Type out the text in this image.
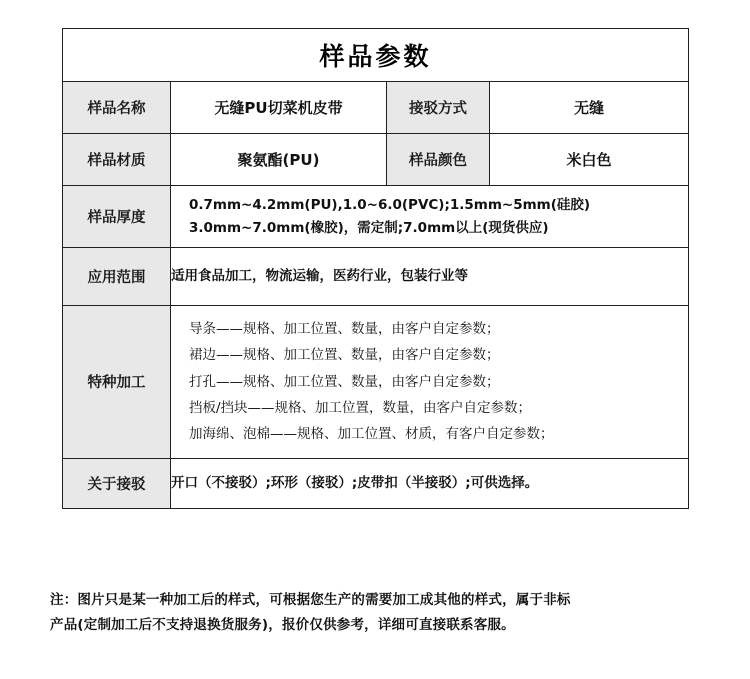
样品参数			
样品名称	无缝PU切菜机皮带	接驳方式	无缝
样品材质	聚氨酯(PU)	样品颜色	米白色
样品厚度	0.7mm~4.2mm(PU),1.0~6.0(PVC);1.5mm~5mm(硅胶)
3.0mm~7.0mm(橡胶)，需定制;7.0mm以上(现货供应)		

应用范围	适用食品加工，物流运输，医药行业，包装行业等		
特种加工	导条——规格、加工位置、数量，由客户自定参数；
裙边——规格、加工位置、数量，由客户自定参数；
打孔——规格、加工位置、数量，由客户自定参数；
挡板/挡块——规格、加工位置，数量，由客户自定参数；
加海绵、泡棉——规格、加工位置、材质，有客户自定参数；		

关于接驳	开口（不接驳）;环形（接驳）;皮带扣（半接驳）;可供选择。		
注：图片只是某一种加工后的样式，可根据您生产的需要加工成其他的样式，属于非标
产品(定制加工后不支持退换货服务)，报价仅供参考，详细可直接联系客服。
